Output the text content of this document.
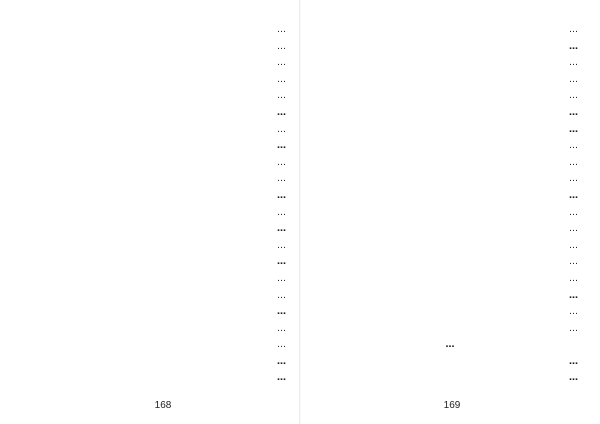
…
…
…
…
…
…
…
…
…
…
…
…
…
…
…
…
…
…
…
…
…
…
…
…
…
…
…
…
…
…
…
…
…
…
…
…
…
…
…
…
…
…
…
…
168	169
